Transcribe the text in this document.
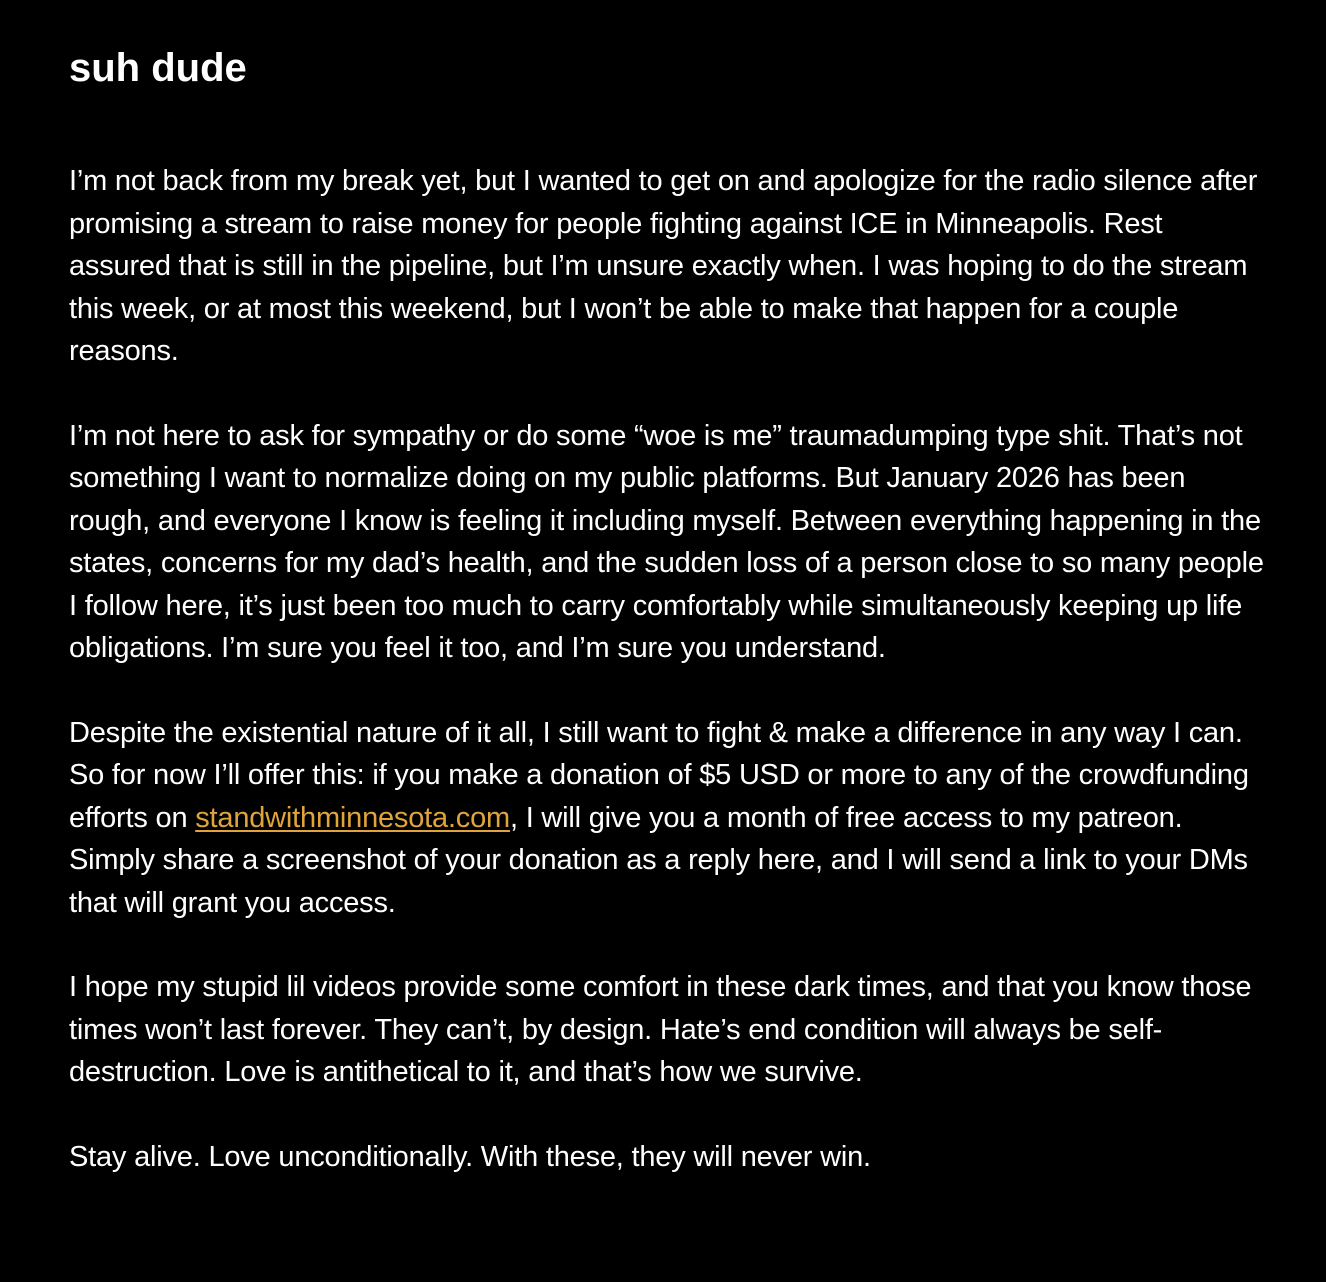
suh dude

I’m not back from my break yet, but I wanted to get on and apologize for the radio silence after promising a stream to raise money for people fighting against ICE in Minneapolis. Rest assured that is still in the pipeline, but I’m unsure exactly when. I was hoping to do the stream this week, or at most this weekend, but I won’t be able to make that happen for a couple reasons.

I’m not here to ask for sympathy or do some “woe is me” traumadumping type shit. That’s not something I want to normalize doing on my public platforms. But January 2026 has been rough, and everyone I know is feeling it including myself. Between everything happening in the states, concerns for my dad’s health, and the sudden loss of a person close to so many people I follow here, it’s just been too much to carry comfortably while simultaneously keeping up life obligations. I’m sure you feel it too, and I’m sure you understand.

Despite the existential nature of it all, I still want to fight & make a difference in any way I can. So for now I’ll offer this: if you make a donation of $5 USD or more to any of the crowdfunding efforts on standwithminnesota.com, I will give you a month of free access to my patreon. Simply share a screenshot of your donation as a reply here, and I will send a link to your DMs that will grant you access.

I hope my stupid lil videos provide some comfort in these dark times, and that you know those times won’t last forever. They can’t, by design. Hate’s end condition will always be self-destruction. Love is antithetical to it, and that’s how we survive.

Stay alive. Love unconditionally. With these, they will never win.
